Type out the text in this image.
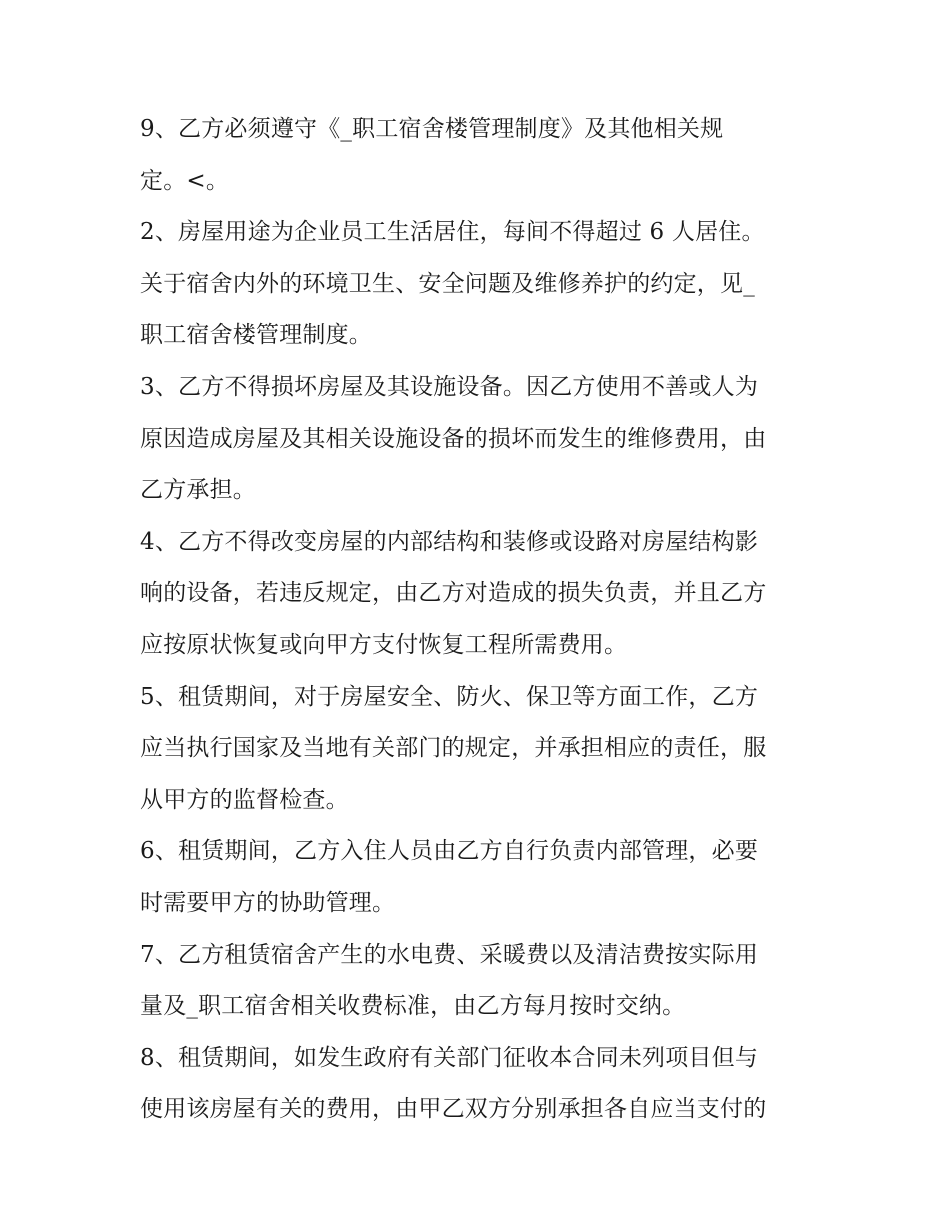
9、乙方必须遵守《_职工宿舍楼管理制度》及其他相关规
定。<。

2、房屋用途为企业员工生活居住，每间不得超过 6 人居住。
关于宿舍内外的环境卫生、安全问题及维修养护的约定，见_
职工宿舍楼管理制度。

3、乙方不得损坏房屋及其设施设备。因乙方使用不善或人为
原因造成房屋及其相关设施设备的损坏而发生的维修费用，由
乙方承担。

4、乙方不得改变房屋的内部结构和装修或设路对房屋结构影
响的设备，若违反规定，由乙方对造成的损失负责，并且乙方
应按原状恢复或向甲方支付恢复工程所需费用。

5、租赁期间，对于房屋安全、防火、保卫等方面工作，乙方
应当执行国家及当地有关部门的规定，并承担相应的责任，服
从甲方的监督检查。

6、租赁期间，乙方入住人员由乙方自行负责内部管理，必要
时需要甲方的协助管理。

7、乙方租赁宿舍产生的水电费、采暖费以及清洁费按实际用
量及_职工宿舍相关收费标准，由乙方每月按时交纳。

8、租赁期间，如发生政府有关部门征收本合同未列项目但与
使用该房屋有关的费用，由甲乙双方分别承担各自应当支付的
